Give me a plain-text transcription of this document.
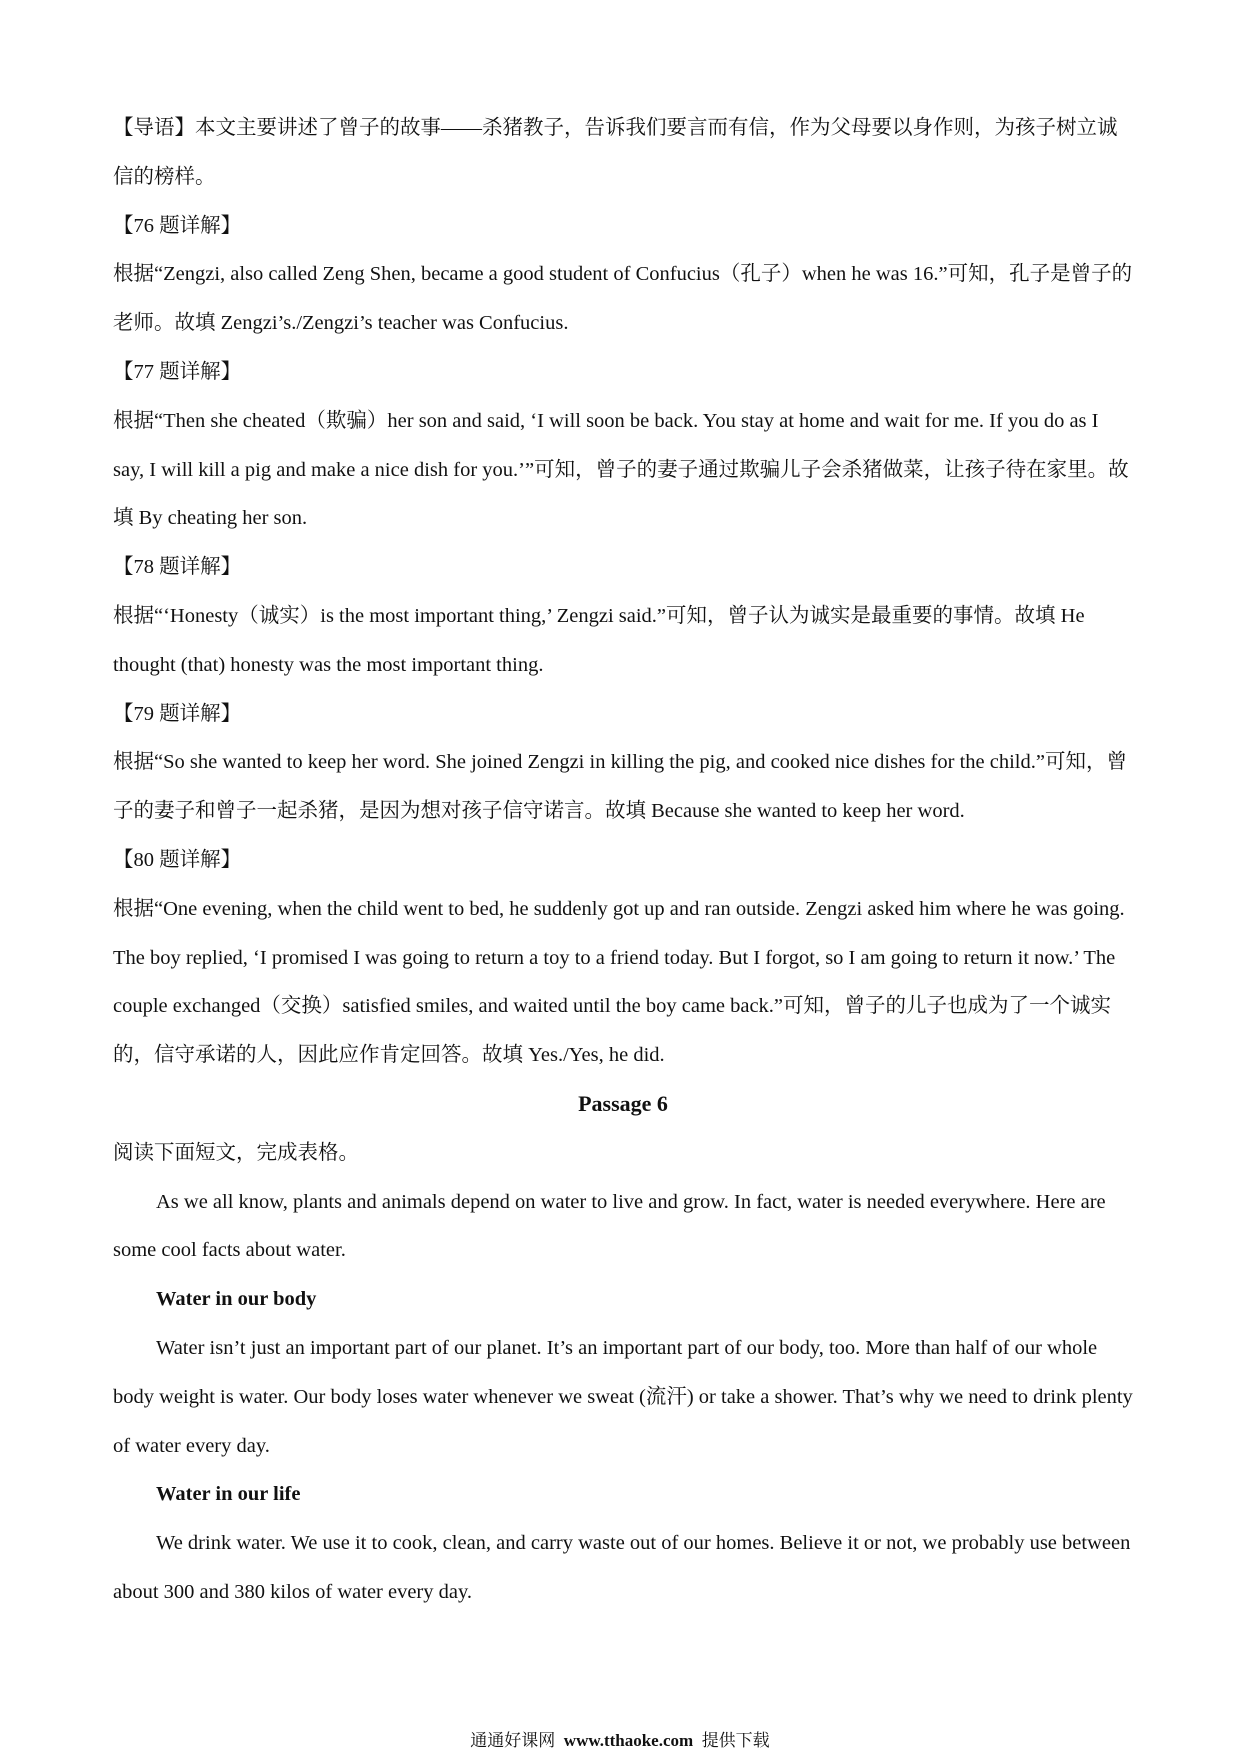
【导语】本文主要讲述了曾子的故事——杀猪教子，告诉我们要言而有信，作为父母要以身作则，为孩子树立诚信的榜样。

【76 题详解】

根据“Zengzi, also called Zeng Shen, became a good student of Confucius（孔子）when he was 16.”可知，孔子是曾子的老师。故填 Zengzi’s./Zengzi’s teacher was Confucius.

【77 题详解】

根据“Then she cheated（欺骗）her son and said, ‘I will soon be back. You stay at home and wait for me. If you do as I say, I will kill a pig and make a nice dish for you.’”可知，曾子的妻子通过欺骗儿子会杀猪做菜，让孩子待在家里。故填 By cheating her son.

【78 题详解】

根据“‘Honesty（诚实）is the most important thing,’ Zengzi said.”可知，曾子认为诚实是最重要的事情。故填 He thought (that) honesty was the most important thing.

【79 题详解】

根据“So she wanted to keep her word. She joined Zengzi in killing the pig, and cooked nice dishes for the child.”可知，曾子的妻子和曾子一起杀猪，是因为想对孩子信守诺言。故填 Because she wanted to keep her word.

【80 题详解】

根据“One evening, when the child went to bed, he suddenly got up and ran outside. Zengzi asked him where he was going. The boy replied, ‘I promised I was going to return a toy to a friend today. But I forgot, so I am going to return it now.’ The couple exchanged（交换）satisfied smiles, and waited until the boy came back.”可知，曾子的儿子也成为了一个诚实的，信守承诺的人，因此应作肯定回答。故填 Yes./Yes, he did.

Passage 6

阅读下面短文，完成表格。

As we all know, plants and animals depend on water to live and grow. In fact, water is needed everywhere. Here are some cool facts about water.

Water in our body

Water isn’t just an important part of our planet. It’s an important part of our body, too. More than half of our whole body weight is water. Our body loses water whenever we sweat (流汗) or take a shower. That’s why we need to drink plenty of water every day.

Water in our life

We drink water. We use it to cook, clean, and carry waste out of our homes. Believe it or not, we probably use between about 300 and 380 kilos of water every day.

通通好课网 www.tthaoke.com 提供下载
